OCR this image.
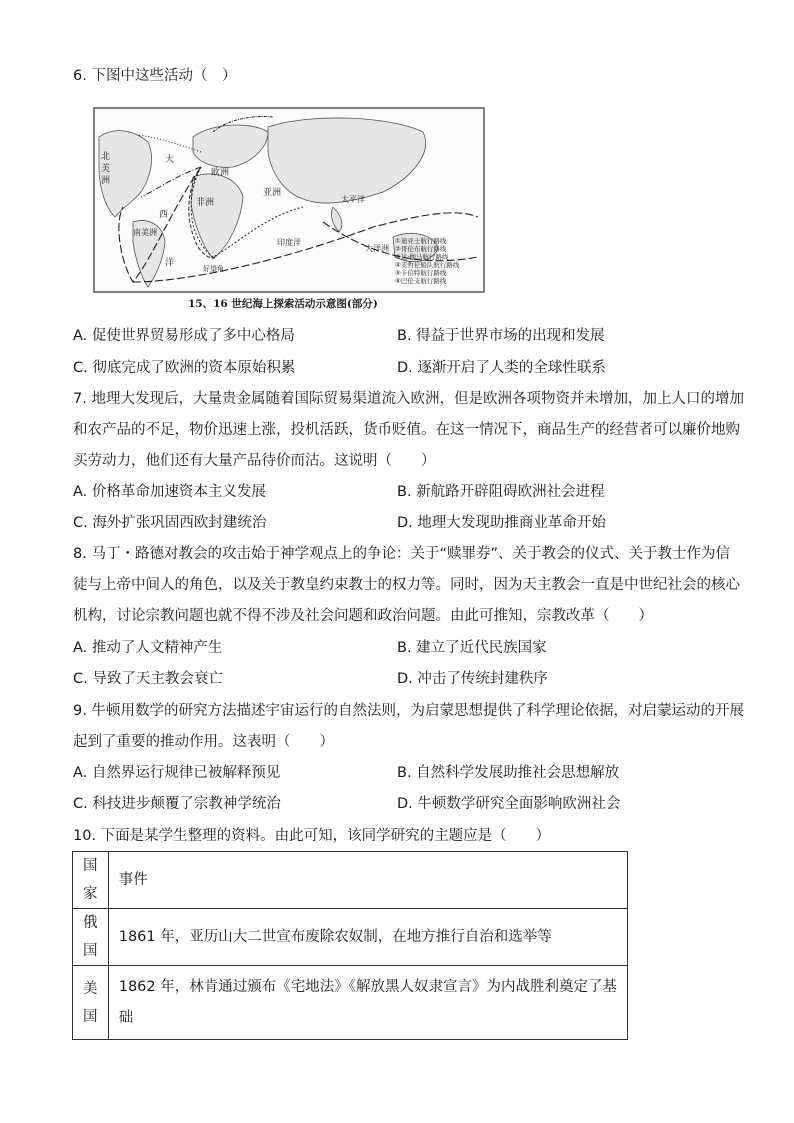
6. 下图中这些活动（　）
北
美
洲
大
欧洲
亚洲
非洲
西
南美洲
洋
太平洋
印度洋
大洋洲
好望角
①迪亚士航行路线
②哥伦布航行路线
③达·伽马航行路线
④麦哲伦船队航行路线
⑤卡伯特航行路线
⑥巴伦支航行路线
15、16 世纪海上探索活动示意图(部分)
A. 促使世界贸易形成了多中心格局	B. 得益于世界市场的出现和发展
C. 彻底完成了欧洲的资本原始积累	D. 逐渐开启了人类的全球性联系
7. 地理大发现后，大量贵金属随着国际贸易渠道流入欧洲，但是欧洲各项物资并未增加，加上人口的增加
和农产品的不足，物价迅速上涨，投机活跃，货币贬值。在这一情况下，商品生产的经营者可以廉价地购
买劳动力，他们还有大量产品待价而沽。这说明（　　）
A. 价格革命加速资本主义发展	B. 新航路开辟阻碍欧洲社会进程
C. 海外扩张巩固西欧封建统治	D. 地理大发现助推商业革命开始
8. 马丁・路德对教会的攻击始于神学观点上的争论：关于“赎罪券”、关于教会的仪式、关于教士作为信
徒与上帝中间人的角色，以及关于教皇约束教士的权力等。同时，因为天主教会一直是中世纪社会的核心
机构，讨论宗教问题也就不得不涉及社会问题和政治问题。由此可推知，宗教改革（　　）
A. 推动了人文精神产生	B. 建立了近代民族国家
C. 导致了天主教会衰亡	D. 冲击了传统封建秩序
9. 牛顿用数学的研究方法描述宇宙运行的自然法则，为启蒙思想提供了科学理论依据，对启蒙运动的开展
起到了重要的推动作用。这表明（　　）
A. 自然界运行规律已被解释预见	B. 自然科学发展助推社会思想解放
C. 科技进步颠覆了宗教神学统治	D. 牛顿数学研究全面影响欧洲社会
10. 下面是某学生整理的资料。由此可知，该同学研究的主题应是（　　）
国家	事件
俄国	1861 年，亚历山大二世宣布废除农奴制，在地方推行自治和选举等
美国	1862 年，林肯通过颁布《宅地法》《解放黑人奴隶宣言》为内战胜利奠定了基
础
